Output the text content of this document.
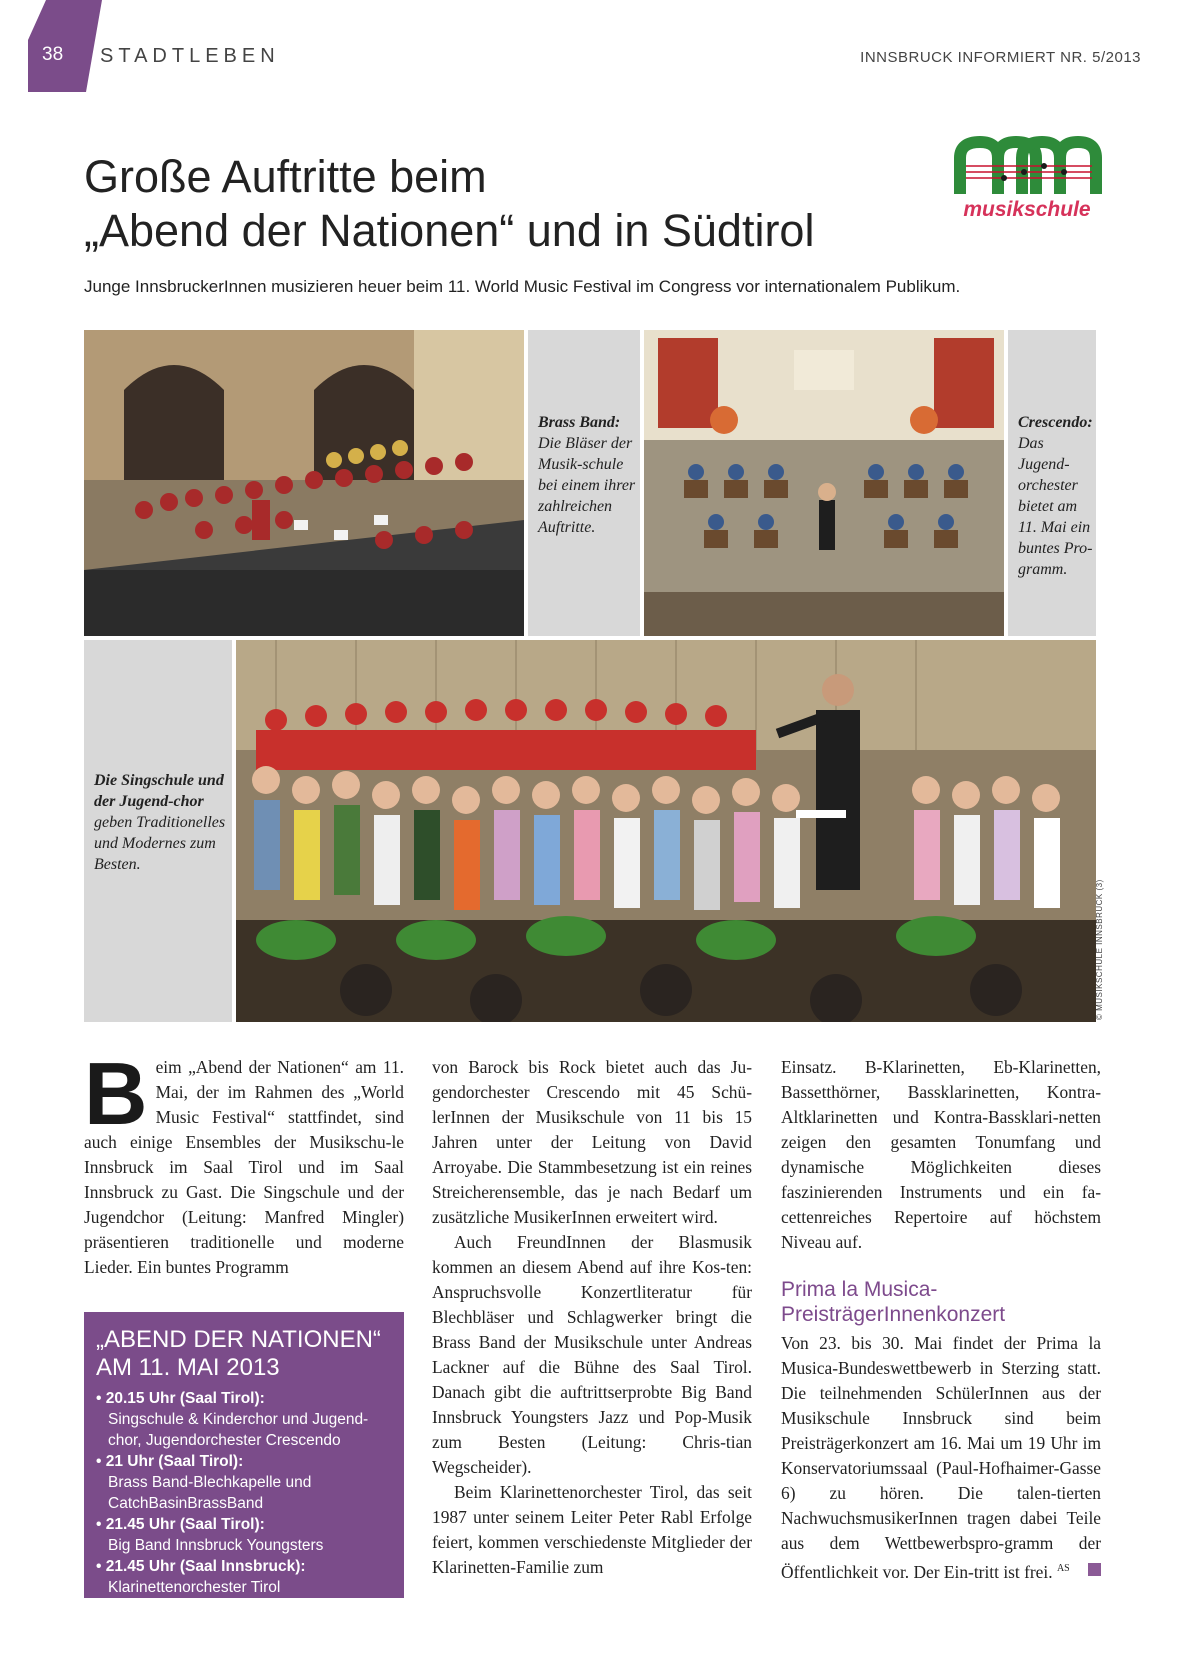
38	STADTLEBEN	INNSBRUCK INFORMIERT NR. 5/2013
Große Auftritte beim
„Abend der Nationen“ und in Südtirol
Junge InnsbruckerInnen musizieren heuer beim 11. World Music Festival im Congress vor internationalem Publikum.
musikschule
Brass Band: Die Bläser der Musik-schule bei einem ihrer zahlreichen Auftritte.
Crescendo: Das Jugend-orchester bietet am 11. Mai ein buntes Pro-gramm.
Die Singschule und der Jugend-chor geben Traditionelles und Modernes zum Besten.
© MUSIKSCHULE INNSBRUCK (3)

Beim „Abend der Nationen“ am 11. Mai, der im Rahmen des „World Music Festival“ stattfindet, sind auch einige Ensembles der Musikschu-le Innsbruck im Saal Tirol und im Saal Innsbruck zu Gast. Die Singschule und der Jugendchor (Leitung: Manfred Mingler) präsentieren traditionelle und moderne Lieder. Ein buntes Programm

„ABEND DER NATIONEN“
AM 11. MAI 2013
• 20.15 Uhr (Saal Tirol):
Singschule & Kinderchor und Jugend-chor, Jugendorchester Crescendo
• 21 Uhr (Saal Tirol):
Brass Band-Blechkapelle und CatchBasinBrassBand
• 21.45 Uhr (Saal Tirol):
Big Band Innsbruck Youngsters
• 21.45 Uhr (Saal Innsbruck):
Klarinettenorchester Tirol

von Barock bis Rock bietet auch das Ju-gendorchester Crescendo mit 45 Schü-lerInnen der Musikschule von 11 bis 15 Jahren unter der Leitung von David Arroyabe. Die Stammbesetzung ist ein reines Streicherensemble, das je nach Bedarf um zusätzliche MusikerInnen erweitert wird.

Auch FreundInnen der Blasmusik kommen an diesem Abend auf ihre Kos-ten: Anspruchsvolle Konzertliteratur für Blechbläser und Schlagwerker bringt die Brass Band der Musikschule unter Andreas Lackner auf die Bühne des Saal Tirol. Danach gibt die auftrittserprobte Big Band Innsbruck Youngsters Jazz und Pop-Musik zum Besten (Leitung: Chris-tian Wegscheider).

Beim Klarinettenorchester Tirol, das seit 1987 unter seinem Leiter Peter Rabl Erfolge feiert, kommen verschiedenste Mitglieder der Klarinetten-Familie zum

Einsatz. B-Klarinetten, Eb-Klarinetten, Bassetthörner, Bassklarinetten, Kontra-Altklarinetten und Kontra-Bassklari-netten zeigen den gesamten Tonumfang und dynamische Möglichkeiten dieses faszinierenden Instruments und ein fa-cettenreiches Repertoire auf höchstem Niveau auf.

Prima la Musica-PreisträgerInnenkonzert

Von 23. bis 30. Mai findet der Prima la Musica-Bundeswettbewerb in Sterzing statt. Die teilnehmenden SchülerInnen aus der Musikschule Innsbruck sind beim Preisträgerkonzert am 16. Mai um 19 Uhr im Konservatoriumssaal (Paul-Hofhaimer-Gasse 6) zu hören. Die talen-tierten NachwuchsmusikerInnen tragen dabei Teile aus dem Wettbewerbspro-gramm der Öffentlichkeit vor. Der Ein-tritt ist frei. $^{AS}$
